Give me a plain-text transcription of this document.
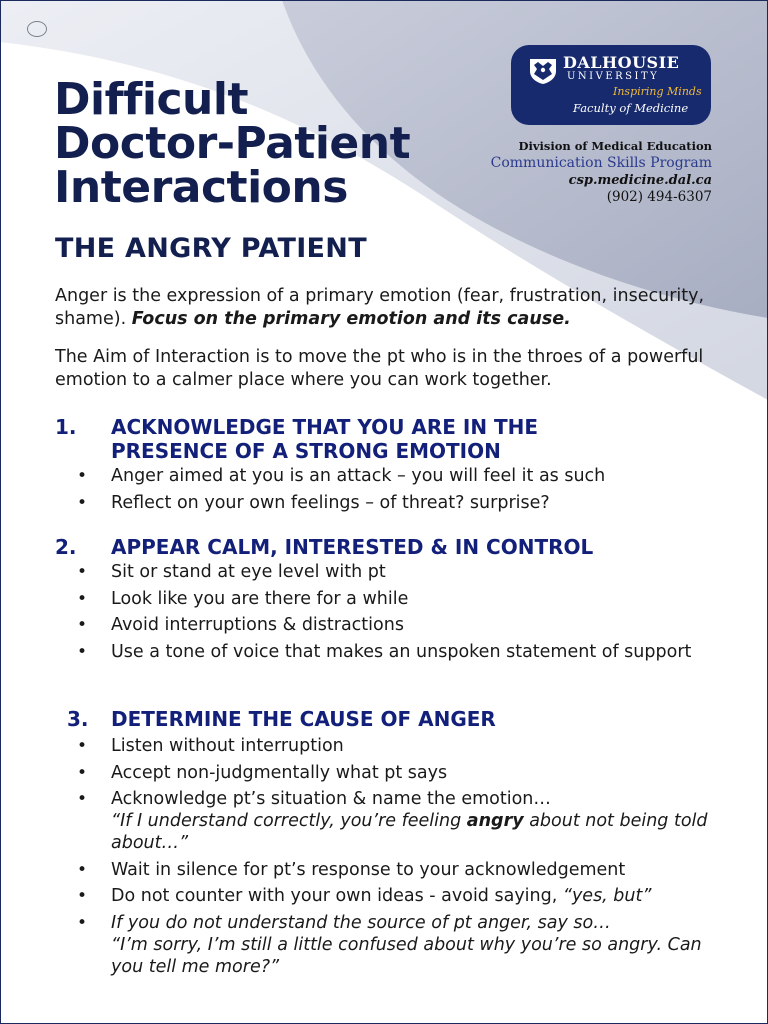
Difficult
Doctor-Patient
Interactions
DALHOUSIE
UNIVERSITY
Inspiring Minds
Faculty of Medicine
Division of Medical Education
Communication Skills Program
csp.medicine.dal.ca
(902) 494-6307
THE ANGRY PATIENT
Anger is the expression of a primary emotion (fear, frustration, insecurity, shame). Focus on the primary emotion and its cause.
The Aim of Interaction is to move the pt who is in the throes of a powerful emotion to a calmer place where you can work together.
1.	ACKNOWLEDGE THAT YOU ARE IN THE
PRESENCE OF A STRONG EMOTION
• Anger aimed at you is an attack – you will feel it as such
• Reflect on your own feelings – of threat? surprise?
2.	APPEAR CALM, INTERESTED & IN CONTROL
• Sit or stand at eye level with pt
• Look like you are there for a while
• Avoid interruptions & distractions
• Use a tone of voice that makes an unspoken statement of support
3.	DETERMINE THE CAUSE OF ANGER
• Listen without interruption
• Accept non-judgmentally what pt says
• Acknowledge pt’s situation & name the emotion…
“If I understand correctly, you’re feeling angry about not being told about…”
• Wait in silence for pt’s response to your acknowledgement
• Do not counter with your own ideas - avoid saying, “yes, but”
• If you do not understand the source of pt anger, say so…
“I’m sorry, I’m still a little confused about why you’re so angry. Can you tell me more?”
